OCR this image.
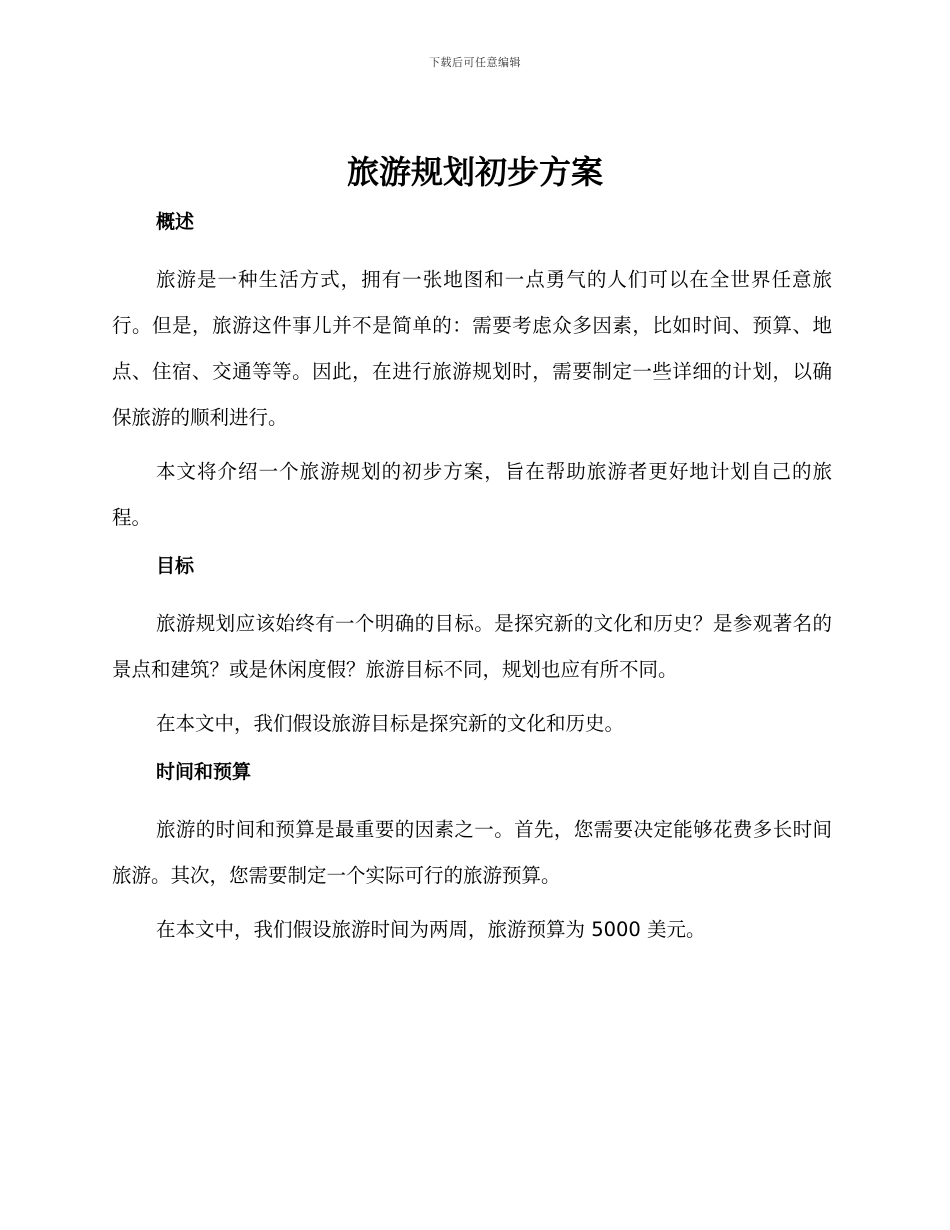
下载后可任意编辑
旅游规划初步方案
概述

旅游是一种生活方式，拥有一张地图和一点勇气的人们可以在全世界任意旅行。但是，旅游这件事儿并不是简单的：需要考虑众多因素，比如时间、预算、地点、住宿、交通等等。因此，在进行旅游规划时，需要制定一些详细的计划，以确保旅游的顺利进行。

本文将介绍一个旅游规划的初步方案，旨在帮助旅游者更好地计划自己的旅程。

目标

旅游规划应该始终有一个明确的目标。是探究新的文化和历史？是参观著名的景点和建筑？或是休闲度假？旅游目标不同，规划也应有所不同。

在本文中，我们假设旅游目标是探究新的文化和历史。

时间和预算

旅游的时间和预算是最重要的因素之一。首先，您需要决定能够花费多长时间旅游。其次，您需要制定一个实际可行的旅游预算。

在本文中，我们假设旅游时间为两周，旅游预算为 5000 美元。
